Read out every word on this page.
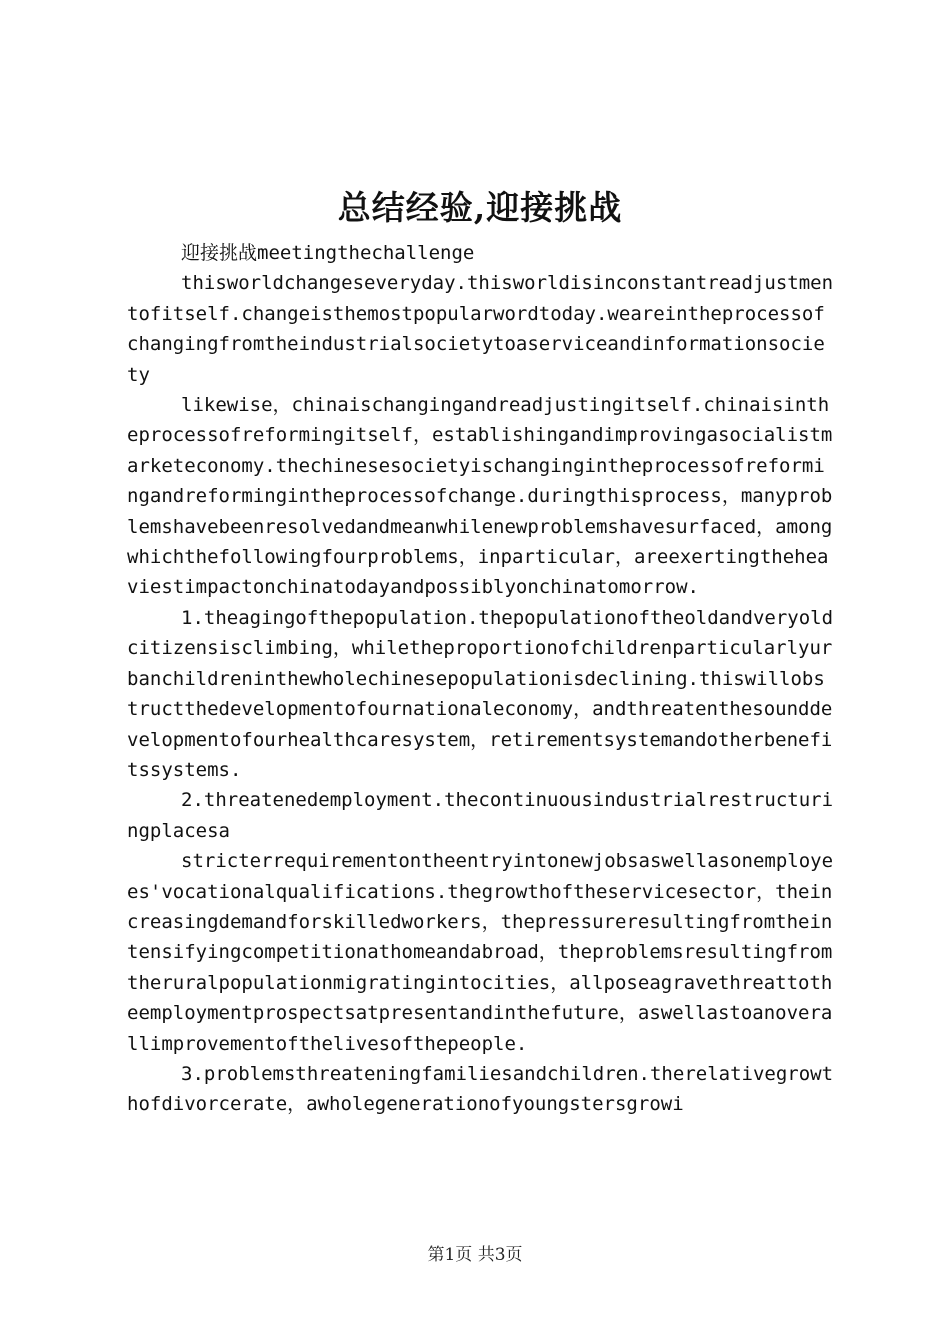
总结经验,迎接挑战

迎接挑战meetingthechallenge

thisworldchangeseveryday.thisworldisinconstantreadjustmentofitself.changeisthemostpopularwordtoday.weareintheprocessofchangingfromtheindustrialsocietytoaserviceandinformationsociety

likewise，chinaischangingandreadjustingitself.chinaisintheprocessofreformingitself，establishingandimprovingasocialistmarketeconomy.thechinesesocietyischangingintheprocessofreformingandreformingintheprocessofchange.duringthisprocess，manyproblemshavebeenresolvedandmeanwhilenewproblemshavesurfaced，amongwhichthefollowingfourproblems，inparticular，areexertingtheheaviestimpactonchinatodayandpossiblyonchinatomorrow.

1.theagingofthepopulation.thepopulationoftheoldandveryoldcitizensisclimbing，whiletheproportionofchildrenparticularlyurbanchildreninthewholechinesepopulationisdeclining.thiswillobstructthedevelopmentofournationaleconomy，andthreatenthesounddevelopmentofourhealthcaresystem，retirementsystemandotherbenefitssystems.

2.threatenedemployment.thecontinuousindustrialrestructuringplacesa

stricterrequirementontheentryintonewjobsaswellasonemployees'vocationalqualifications.thegrowthoftheservicesector，theincreasingdemandforskilledworkers，thepressureresultingfromtheintensifyingcompetitionathomeandabroad，theproblemsresultingfromtheruralpopulationmigratingintocities，allposeagravethreattotheemploymentprospectsatpresentandinthefuture，aswellastoanoverallimprovementofthelivesofthepeople.

3.problemsthreateningfamiliesandchildren.therelativegrowthofdivorcerate，awholegenerationofyoungstersgrowi

第1页 共3页
